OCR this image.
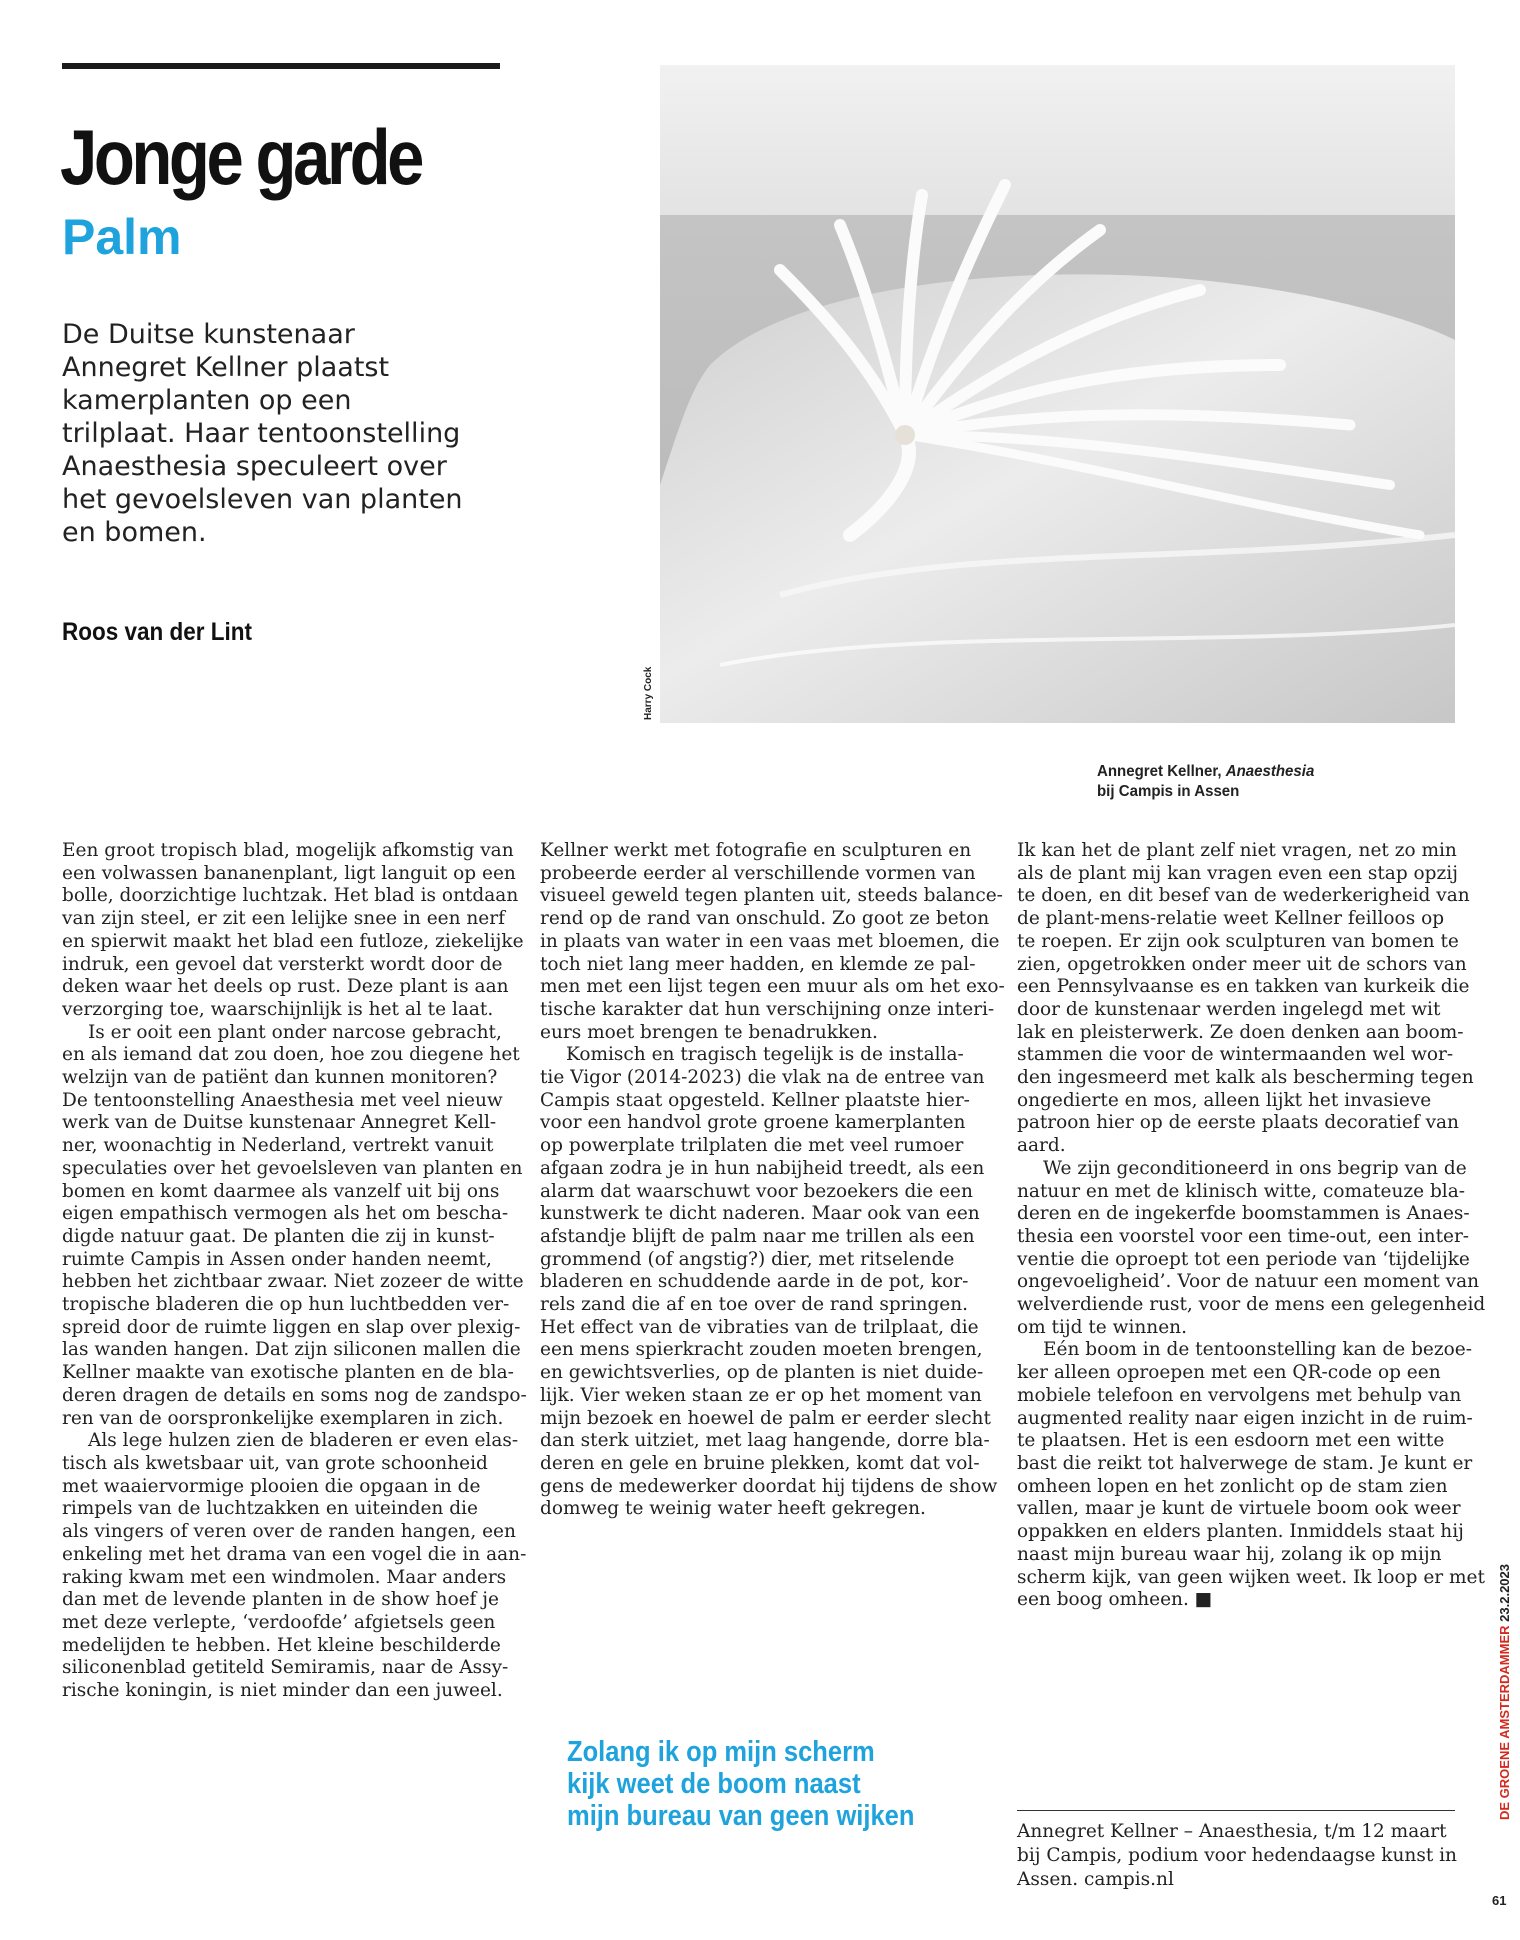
Jonge garde
Palm

De Duitse kunstenaar
Annegret Kellner plaatst
kamerplanten op een
trilplaat. Haar tentoonstelling
Anaesthesia speculeert over
het gevoelsleven van planten
en bomen.

Roos van der Lint

Harry Cock

Annegret Kellner, Anaesthesia
bij Campis in Assen

Een groot tropisch blad, mogelijk afkomstig van
een volwassen bananenplant, ligt languit op een
bolle, doorzichtige luchtzak. Het blad is ontdaan
van zijn steel, er zit een lelijke snee in een nerf
en spierwit maakt het blad een futloze, ziekelijke
indruk, een gevoel dat versterkt wordt door de
deken waar het deels op rust. Deze plant is aan
verzorging toe, waarschijnlijk is het al te laat.
Is er ooit een plant onder narcose gebracht,
en als iemand dat zou doen, hoe zou diegene het
welzijn van de patiënt dan kunnen monitoren?
De tentoonstelling Anaesthesia met veel nieuw
werk van de Duitse kunstenaar Annegret Kell-
ner, woonachtig in Nederland, vertrekt vanuit
speculaties over het gevoelsleven van planten en
bomen en komt daarmee als vanzelf uit bij ons
eigen empathisch vermogen als het om bescha-
digde natuur gaat. De planten die zij in kunst-
ruimte Campis in Assen onder handen neemt,
hebben het zichtbaar zwaar. Niet zozeer de witte
tropische bladeren die op hun luchtbedden ver-
spreid door de ruimte liggen en slap over plexig-
las wanden hangen. Dat zijn siliconen mallen die
Kellner maakte van exotische planten en de bla-
deren dragen de details en soms nog de zandspo-
ren van de oorspronkelijke exemplaren in zich.
Als lege hulzen zien de bladeren er even elas-
tisch als kwetsbaar uit, van grote schoonheid
met waaiervormige plooien die opgaan in de
rimpels van de luchtzakken en uiteinden die
als vingers of veren over de randen hangen, een
enkeling met het drama van een vogel die in aan-
raking kwam met een windmolen. Maar anders
dan met de levende planten in de show hoef je
met deze verlepte, ‘verdoofde’ afgietsels geen
medelijden te hebben. Het kleine beschilderde
siliconenblad getiteld Semiramis, naar de Assy-
rische koningin, is niet minder dan een juweel.

Kellner werkt met fotografie en sculpturen en
probeerde eerder al verschillende vormen van
visueel geweld tegen planten uit, steeds balance-
rend op de rand van onschuld. Zo goot ze beton
in plaats van water in een vaas met bloemen, die
toch niet lang meer hadden, en klemde ze pal-
men met een lijst tegen een muur als om het exo-
tische karakter dat hun verschijning onze interi-
eurs moet brengen te benadrukken.
Komisch en tragisch tegelijk is de installa-
tie Vigor (2014-2023) die vlak na de entree van
Campis staat opgesteld. Kellner plaatste hier-
voor een handvol grote groene kamerplanten
op powerplate trilplaten die met veel rumoer
afgaan zodra je in hun nabijheid treedt, als een
alarm dat waarschuwt voor bezoekers die een
kunstwerk te dicht naderen. Maar ook van een
afstandje blijft de palm naar me trillen als een
grommend (of angstig?) dier, met ritselende
bladeren en schuddende aarde in de pot, kor-
rels zand die af en toe over de rand springen.
Het effect van de vibraties van de trilplaat, die
een mens spierkracht zouden moeten brengen,
en gewichtsverlies, op de planten is niet duide-
lijk. Vier weken staan ze er op het moment van
mijn bezoek en hoewel de palm er eerder slecht
dan sterk uitziet, met laag hangende, dorre bla-
deren en gele en bruine plekken, komt dat vol-
gens de medewerker doordat hij tijdens de show
domweg te weinig water heeft gekregen.

Ik kan het de plant zelf niet vragen, net zo min
als de plant mij kan vragen even een stap opzij
te doen, en dit besef van de wederkerigheid van
de plant-mens-relatie weet Kellner feilloos op
te roepen. Er zijn ook sculpturen van bomen te
zien, opgetrokken onder meer uit de schors van
een Pennsylvaanse es en takken van kurkeik die
door de kunstenaar werden ingelegd met wit
lak en pleisterwerk. Ze doen denken aan boom-
stammen die voor de wintermaanden wel wor-
den ingesmeerd met kalk als bescherming tegen
ongedierte en mos, alleen lijkt het invasieve
patroon hier op de eerste plaats decoratief van
aard.
We zijn geconditioneerd in ons begrip van de
natuur en met de klinisch witte, comateuze bla-
deren en de ingekerfde boomstammen is Anaes-
thesia een voorstel voor een time-out, een inter-
ventie die oproept tot een periode van ‘tijdelijke
ongevoeligheid’. Voor de natuur een moment van
welverdiende rust, voor de mens een gelegenheid
om tijd te winnen.
Eén boom in de tentoonstelling kan de bezoe-
ker alleen oproepen met een QR-code op een
mobiele telefoon en vervolgens met behulp van
augmented reality naar eigen inzicht in de ruim-
te plaatsen. Het is een esdoorn met een witte
bast die reikt tot halverwege de stam. Je kunt er
omheen lopen en het zonlicht op de stam zien
vallen, maar je kunt de virtuele boom ook weer
oppakken en elders planten. Inmiddels staat hij
naast mijn bureau waar hij, zolang ik op mijn
scherm kijk, van geen wijken weet. Ik loop er met
een boog omheen. ■

Zolang ik op mijn scherm
kijk weet de boom naast
mijn bureau van geen wijken	Annegret Kellner – Anaesthesia, t/m 12 maart
bij Campis, podium voor hedendaagse kunst in
Assen. campis.nl

DE GROENE AMSTERDAMMER 23.2.2023
61
